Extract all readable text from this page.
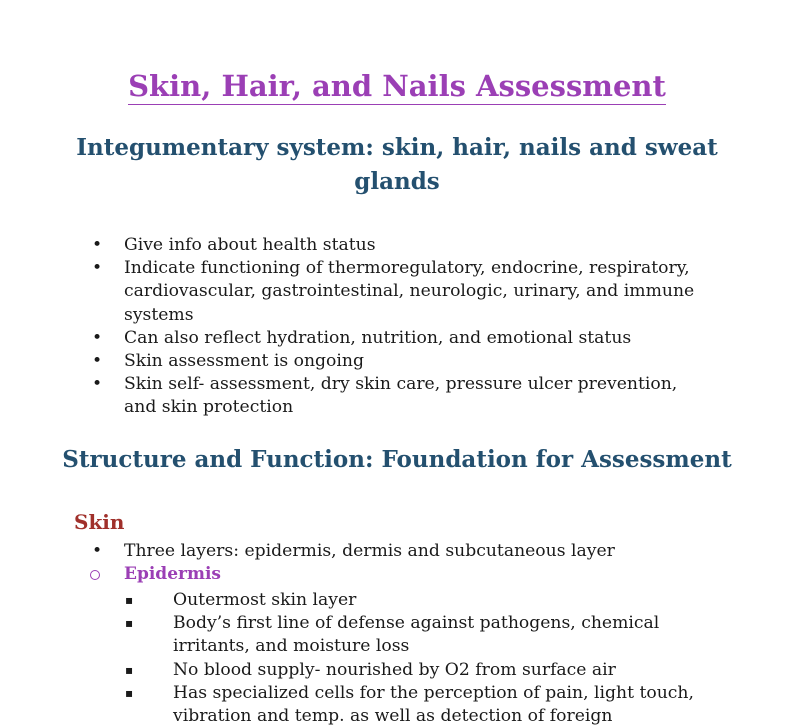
Skin, Hair, and Nails Assessment
Integumentary system: skin, hair, nails and sweat glands
• Give info about health status
• Indicate functioning of thermoregulatory, endocrine, respiratory, cardiovascular, gastrointestinal, neurologic, urinary, and immune systems
• Can also reflect hydration, nutrition, and emotional status
• Skin assessment is ongoing
• Skin self- assessment, dry skin care, pressure ulcer prevention, and skin protection
Structure and Function: Foundation for Assessment
Skin
• Three layers: epidermis, dermis and subcutaneous layer
Epidermis
▪ Outermost skin layer
▪ Body’s first line of defense against pathogens, chemical irritants, and moisture loss
▪ No blood supply- nourished by O2 from surface air
▪ Has specialized cells for the perception of pain, light touch, vibration and temp. as well as detection of foreign
